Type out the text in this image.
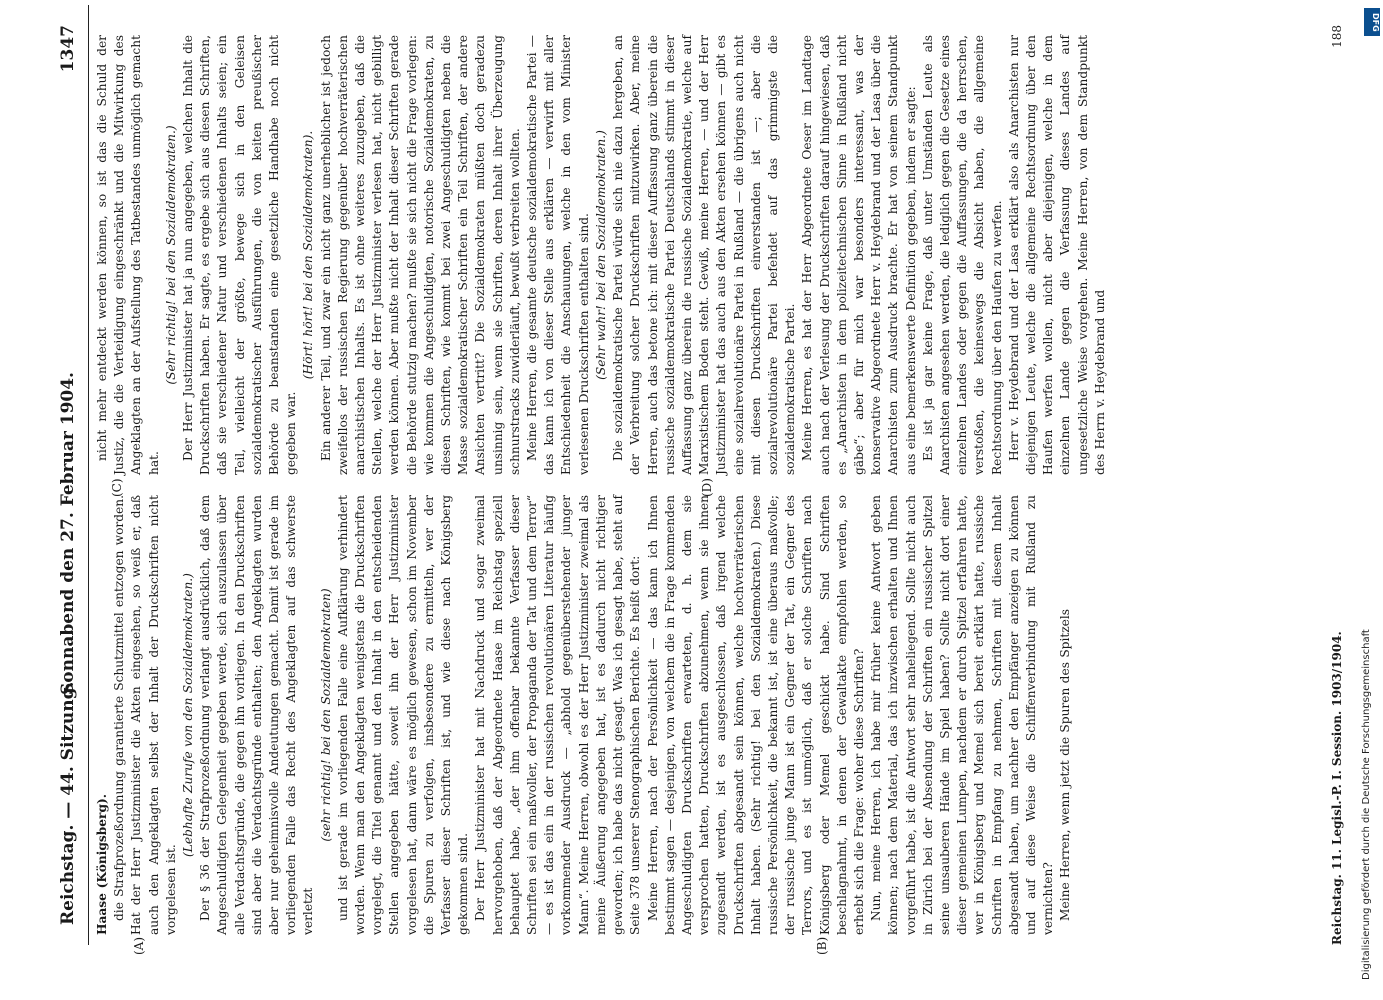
Reichstag. — 44. Sitzung.
Sonnabend den 27. Februar 1904.
1347

Haase (Königsberg). die Strafprozeßordnung garantierte Schutzmittel entzogen worden. Hat der Herr Justizminister die Akten eingesehen, so weiß er, daß auch den Angeklagten selbst der Inhalt der Druckschriften nicht vorgelesen ist.

(Lebhafte Zurufe von den Sozialdemokraten.) Der § 36 der Strafprozeßordnung verlangt ausdrücklich, daß dem Angeschuldigten Gelegenheit gegeben werde, sich auszulassen über alle Verdachtsgründe, die gegen ihn vorliegen. In den Druckschriften sind aber die Verdachtsgründe enthalten; den Angeklagten wurden aber nur geheimnisvolle Andeutungen gemacht. Damit ist gerade im vorliegenden Falle das Recht des Angeklagten auf das schwerste verletzt

(sehr richtig! bei den Sozialdemokraten) und ist gerade im vorliegenden Falle eine Aufklärung verhindert worden. Wenn man den Angeklagten wenigstens die Druckschriften vorgelegt, die Titel genannt und den Inhalt in den entscheidenden Stellen angegeben hätte, soweit ihn der Herr Justizminister vorgelesen hat, dann wäre es möglich gewesen, schon im November die Spuren zu verfolgen, insbesondere zu ermitteln, wer der Verfasser dieser Schriften ist, und wie diese nach Königsberg gekommen sind. Der Herr Justizminister hat mit Nachdruck und sogar zweimal hervorgehoben, daß der Abgeordnete Haase im Reichstag speziell behauptet habe, „der ihm offenbar bekannte Verfasser dieser Schriften sei ein maßvoller, der Propaganda der Tat und dem Terror“ — es ist das ein in der russischen revolutionären Literatur häufig vorkommender Ausdruck — „abhold gegenüberstehender junger Mann“. Meine Herren, obwohl es der Herr Justizminister zweimal als meine Äußerung angegeben hat, ist es dadurch nicht richtiger geworden; ich habe das nicht gesagt. Was ich gesagt habe, steht auf Seite 378 unserer Stenographischen Berichte. Es heißt dort: Meine Herren, nach der Persönlichkeit — das kann ich Ihnen bestimmt sagen — desjenigen, von welchem die in Frage kommenden Angeschuldigten Druckschriften erwarteten, d. h. dem sie versprochen hatten, Druckschriften abzunehmen, wenn sie ihnen zugesandt werden, ist es ausgeschlossen, daß irgend welche Druckschriften abgesandt sein können, welche hochverräterischen Inhalt haben. (Sehr richtig! bei den Sozialdemokraten.) Diese russische Persönlichkeit, die bekannt ist, ist eine überaus maßvolle; der russische junge Mann ist ein Gegner der Tat, ein Gegner des Terrors, und es ist unmöglich, daß er solche Schriften nach Königsberg oder Memel geschickt habe. Sind Schriften beschlagnahmt, in denen der Gewaltakte empfohlen werden, so erhebt sich die Frage: woher diese Schriften? Nun, meine Herren, ich habe mir früher keine Antwort geben können; nach dem Material, das ich inzwischen erhalten und Ihnen vorgeführt habe, ist die Antwort sehr naheliegend. Sollte nicht auch in Zürich bei der Absendung der Schriften ein russischer Spitzel seine unsauberen Hände im Spiel haben? Sollte nicht dort einer dieser gemeinen Lumpen, nachdem er durch Spitzel erfahren hatte, wer in Königsberg und Memel sich bereit erklärt hatte, russische Schriften in Empfang zu nehmen, Schriften mit diesem Inhalt abgesandt haben, um nachher den Empfänger anzeigen zu können und auf diese Weise die Schiffenverbindung mit Rußland zu vernichten? Meine Herren, wenn jetzt die Spuren des Spitzels

nicht mehr entdeckt werden können, so ist das die Schuld der Justiz, die die Verteidigung eingeschränkt und die Mitwirkung des Angeklagten an der Aufstellung des Tatbestandes unmöglich gemacht hat.

(Sehr richtig! bei den Sozialdemokraten.) Der Herr Justizminister hat ja nun angegeben, welchen Inhalt die Druckschriften haben. Er sagte, es ergebe sich aus diesen Schriften, daß sie verschiedener Natur und verschiedenen Inhalts seien; ein Teil, vielleicht der größte, bewege sich in den Geleisen sozialdemokratischer Ausführungen, die von keiten preußischer Behörde zu beanstanden eine gesetzliche Handhabe noch nicht gegeben war.

(Hört! hört! bei den Sozialdemokraten). Ein anderer Teil, und zwar ein nicht ganz unerheblicher ist jedoch zweifellos der russischen Regierung gegenüber hochverräterischen anarchistischen Inhalts. Es ist ohne weiteres zuzugeben, daß die Stellen, welche der Herr Justizminister verlesen hat, nicht gebilligt werden können. Aber mußte nicht der Inhalt dieser Schriften gerade die Behörde stutzig machen? mußte sie sich nicht die Frage vorlegen: wie kommen die Angeschuldigten, notorische Sozialdemokraten, zu diesen Schriften, wie kommt bei zwei Angeschuldigten neben die Masse sozialdemokratischer Schriften ein Teil Schriften, der andere Ansichten vertritt? Die Sozialdemokraten müßten doch geradezu unsinnig sein, wenn sie Schriften, deren Inhalt ihrer Überzeugung schnurstracks zuwiderläuft, bewußt verbreiten wollten. Meine Herren, die gesamte deutsche sozialdemokratische Partei — das kann ich von dieser Stelle aus erklären — verwirft mit aller Entschiedenheit die Anschauungen, welche in den vom Minister verlesenen Druckschriften enthalten sind. (Sehr wahr! bei den Sozialdemokraten.) Die sozialdemokratische Partei würde sich nie dazu hergeben, an der Verbreitung solcher Druckschriften mitzuwirken. Aber, meine Herren, auch das betone ich: mit dieser Auffassung ganz überein die russische sozialdemokratische Partei Deutschlands stimmt in dieser Auffassung ganz überein die russische Sozialdemokratie, welche auf Marxistischem Boden steht. Gewiß, meine Herren, — und der Herr Justizminister hat das auch aus den Akten ersehen können — gibt es eine sozialrevolutionäre Partei in Rußland — die übrigens auch nicht mit diesen Druckschriften einverstanden ist —; aber die sozialrevolutionäre Partei befehdet auf das grimmigste die sozialdemokratische Partei. Meine Herren, es hat der Herr Abgeordnete Oeser im Landtage auch nach der Verlesung der Druckschriften darauf hingewiesen, daß es „Anarchisten in dem polizeitechnischen Sinne in Rußland nicht gäbe“; aber für mich war besonders interessant, was der konservative Abgeordnete Herr v. Heydebrand und der Lasa über die Anarchisten zum Ausdruck brachte. Er hat von seinem Standpunkt aus eine bemerkenswerte Definition gegeben, indem er sagte: Es ist ja gar keine Frage, daß unter Umständen Leute als Anarchisten angesehen werden, die lediglich gegen die Gesetze eines einzelnen Landes oder gegen die Auffassungen, die da herrschen, verstoßen, die keineswegs die Absicht haben, die allgemeine Rechtsordnung über den Haufen zu werfen. Herr v. Heydebrand und der Lasa erklärt also als Anarchisten nur diejenigen Leute, welche die allgemeine Rechtsordnung über den Haufen werfen wollen, nicht aber diejenigen, welche in dem einzelnen Lande gegen die Verfassung dieses Landes auf ungesetzliche Weise vorgehen. Meine Herren, von dem Standpunkt des Herrn v. Heydebrand und

(A)	(B)
(C)	(D)
Reichstag. 11. Legisl.-P. I. Session. 1903/1904.
188
Digitalisierung gefördert durch die Deutsche Forschungsgemeinschaft
DFG
